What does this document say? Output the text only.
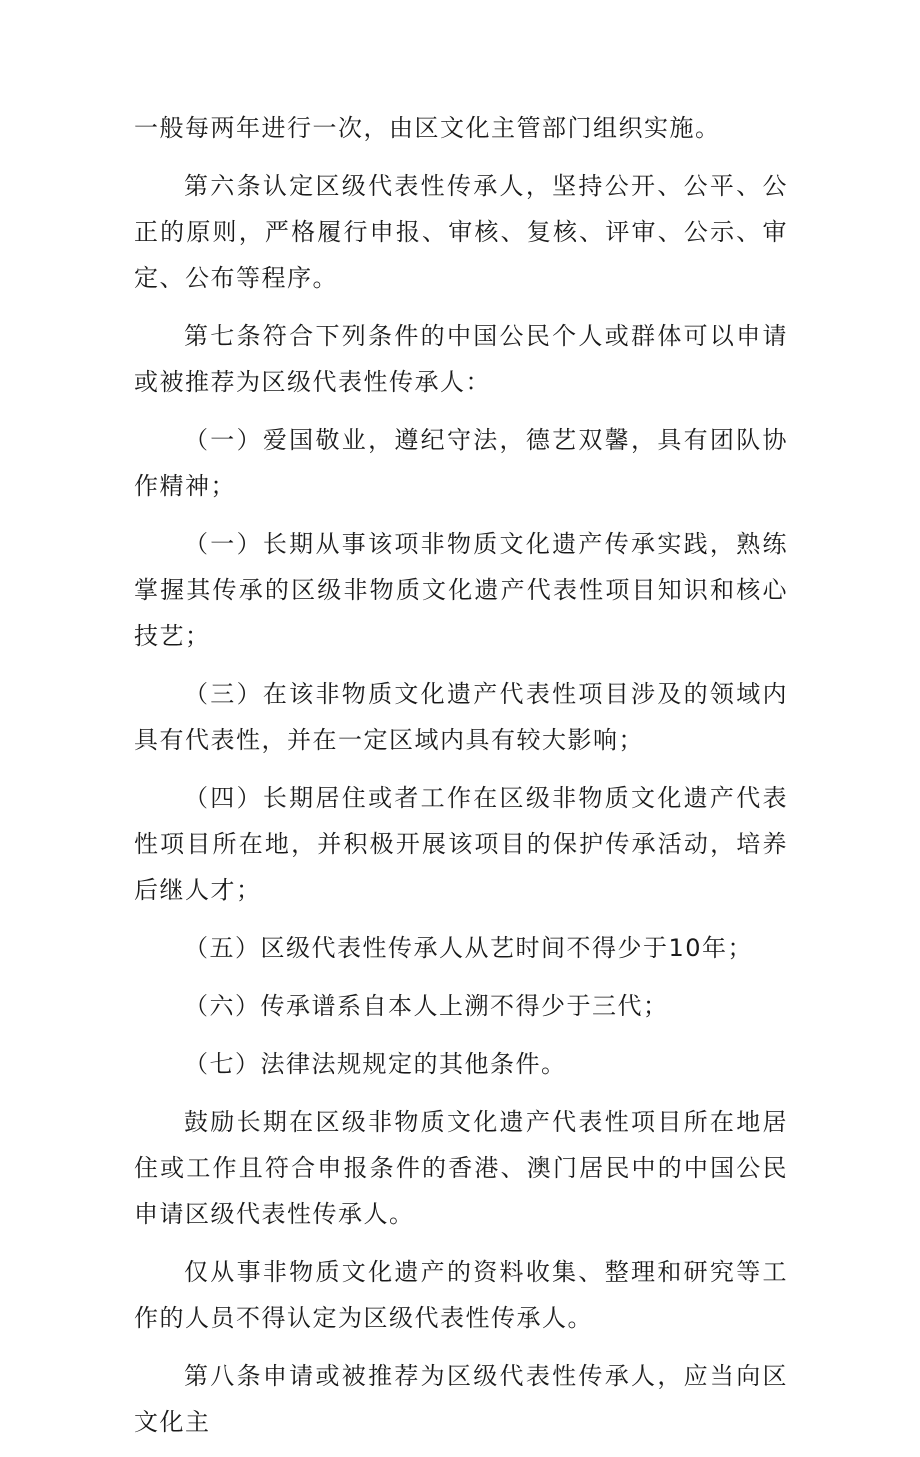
一般每两年进行一次，由区文化主管部门组织实施。

第六条认定区级代表性传承人，坚持公开、公平、公正的原则，严格履行申报、审核、复核、评审、公示、审定、公布等程序。

第七条符合下列条件的中国公民个人或群体可以申请或被推荐为区级代表性传承人：

（一）爱国敬业，遵纪守法，德艺双馨，具有团队协作精神；

（一）长期从事该项非物质文化遗产传承实践，熟练掌握其传承的区级非物质文化遗产代表性项目知识和核心技艺；

（三）在该非物质文化遗产代表性项目涉及的领域内具有代表性，并在一定区域内具有较大影响；

（四）长期居住或者工作在区级非物质文化遗产代表性项目所在地，并积极开展该项目的保护传承活动，培养后继人才；

（五）区级代表性传承人从艺时间不得少于10年；

（六）传承谱系自本人上溯不得少于三代；

（七）法律法规规定的其他条件。

鼓励长期在区级非物质文化遗产代表性项目所在地居住或工作且符合申报条件的香港、澳门居民中的中国公民申请区级代表性传承人。

仅从事非物质文化遗产的资料收集、整理和研究等工作的人员不得认定为区级代表性传承人。

第八条申请或被推荐为区级代表性传承人，应当向区文化主
